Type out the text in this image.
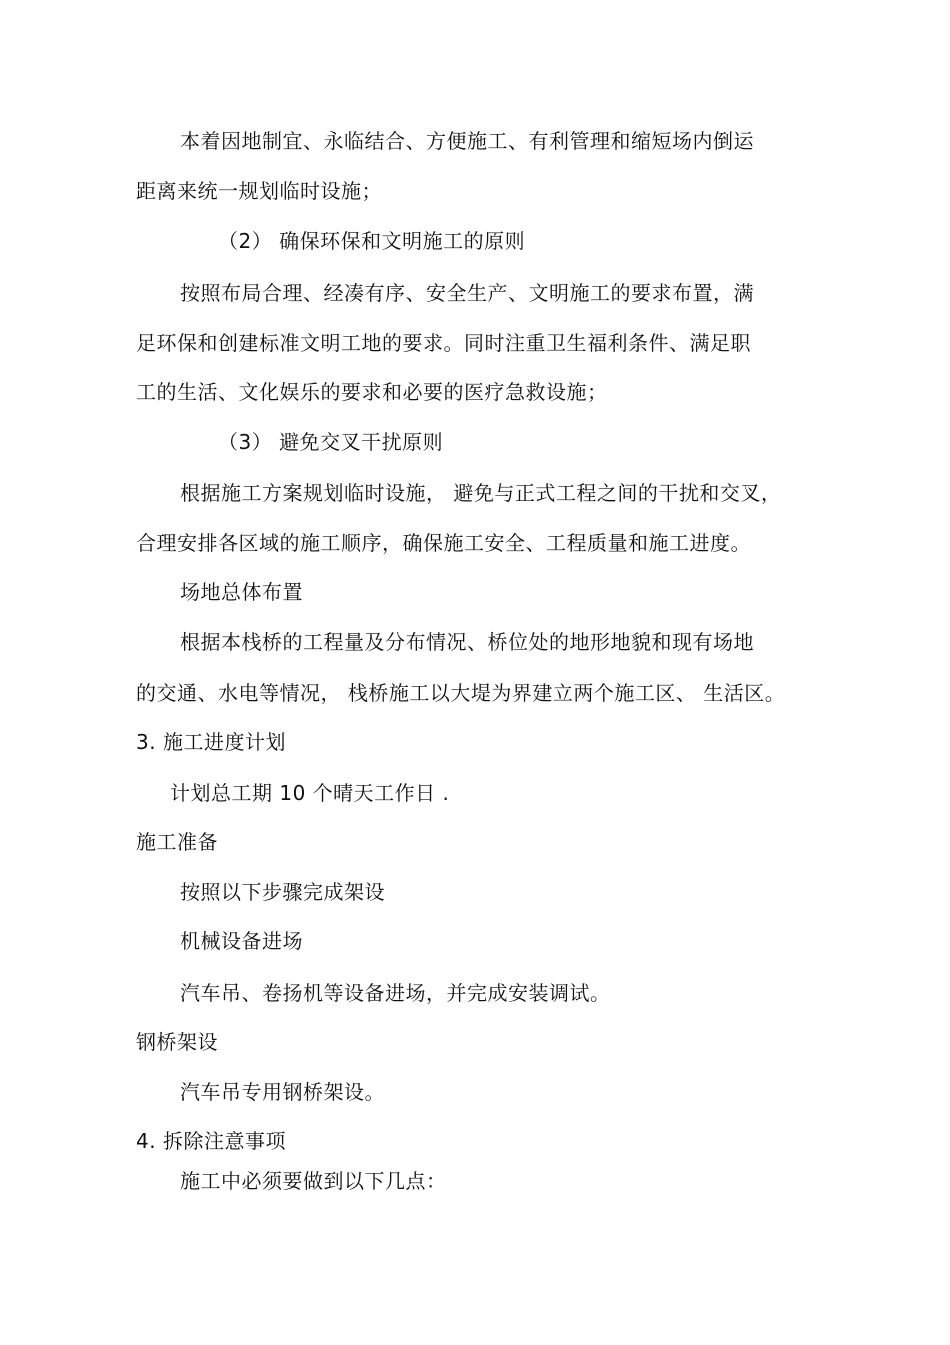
本着因地制宜、永临结合、方便施工、有利管理和缩短场内倒运
距离来统一规划临时设施；
（2） 确保环保和文明施工的原则
按照布局合理、经凑有序、安全生产、文明施工的要求布置，满
足环保和创建标准文明工地的要求。同时注重卫生福利条件、满足职
工的生活、文化娱乐的要求和必要的医疗急救设施；
（3） 避免交叉干扰原则
根据施工方案规划临时设施， 避免与正式工程之间的干扰和交叉，
合理安排各区域的施工顺序，确保施工安全、工程质量和施工进度。
场地总体布置
根据本栈桥的工程量及分布情况、桥位处的地形地貌和现有场地
的交通、水电等情况， 栈桥施工以大堤为界建立两个施工区、 生活区。
3. 施工进度计划
计划总工期 10 个晴天工作日 .
施工准备
按照以下步骤完成架设
机械设备进场
汽车吊、卷扬机等设备进场，并完成安装调试。
钢桥架设
汽车吊专用钢桥架设。
4. 拆除注意事项
施工中必须要做到以下几点：
